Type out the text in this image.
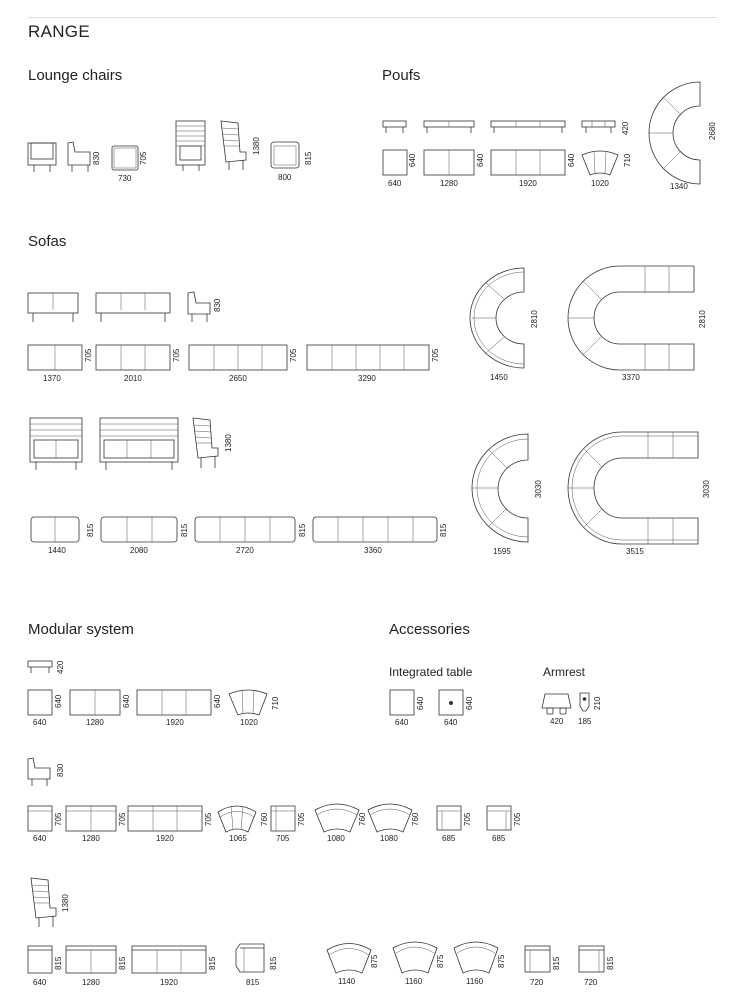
RANGE
Lounge chairs	Poufs
Sofas
Modular system	Accessories
Integrated table	Armrest
830	705
730
1380
815
800
420
640
640	1280
640
1920
640
1020
710
2680
1340
830
1370
705
2010
705
2650
705
3290
705
2810
1450
2810
3370
1380
1440
815
2080
815
2720
815
3360
815
3030
1595
3030
3515
420
640
640
1280
640
1920
640
1020
710
830
640
705
1280
705
1920
705
1065
760
705
705
1080
760
1080
760
685
705
685
705
1380
640
815
1280
815
1920
815
815
815
1140
875
1160
875
1160
875
720
815
720
815
640
640
640
640
420
210
185
